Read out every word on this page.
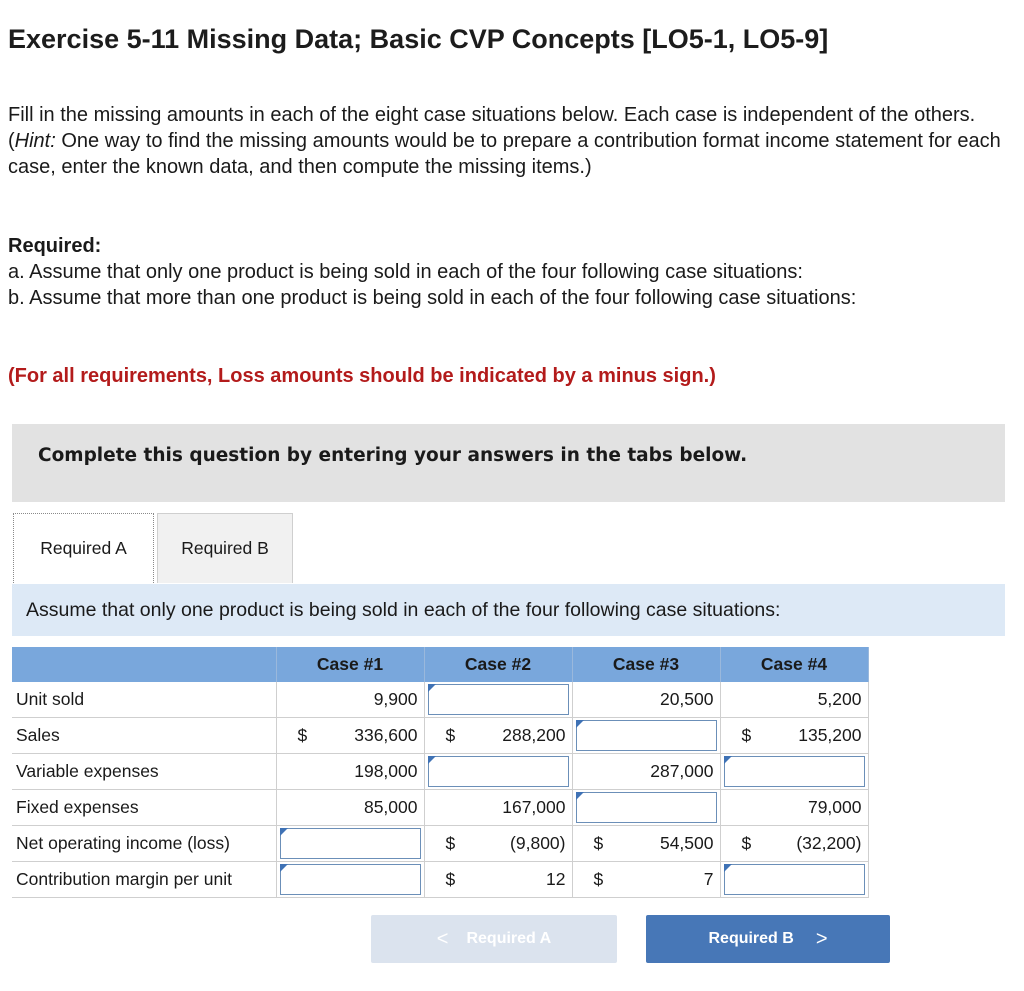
Exercise 5-11 Missing Data; Basic CVP Concepts [LO5-1, LO5-9]

Fill in the missing amounts in each of the eight case situations below. Each case is independent of the others. (Hint: One way to find the missing amounts would be to prepare a contribution format income statement for each case, enter the known data, and then compute the missing items.)

Required:
a. Assume that only one product is being sold in each of the four following case situations:
b. Assume that more than one product is being sold in each of the four following case situations:
(For all requirements, Loss amounts should be indicated by a minus sign.)
Complete this question by entering your answers in the tabs below.
Required A	Required B
Assume that only one product is being sold in each of the four following case situations:
	Case #1	Case #2	Case #3	Case #4
Unit sold	9,900		20,500	5,200
Sales	$ 336,600	$ 288,200		$ 135,200
Variable expenses	198,000		287,000	

Fixed expenses	85,000	167,000		79,000
Net operating income (loss)		$ (9,800)	$ 54,500	$ (32,200)
Contribution margin per unit		$ 12	$ 7	
< Required A	Required B >
